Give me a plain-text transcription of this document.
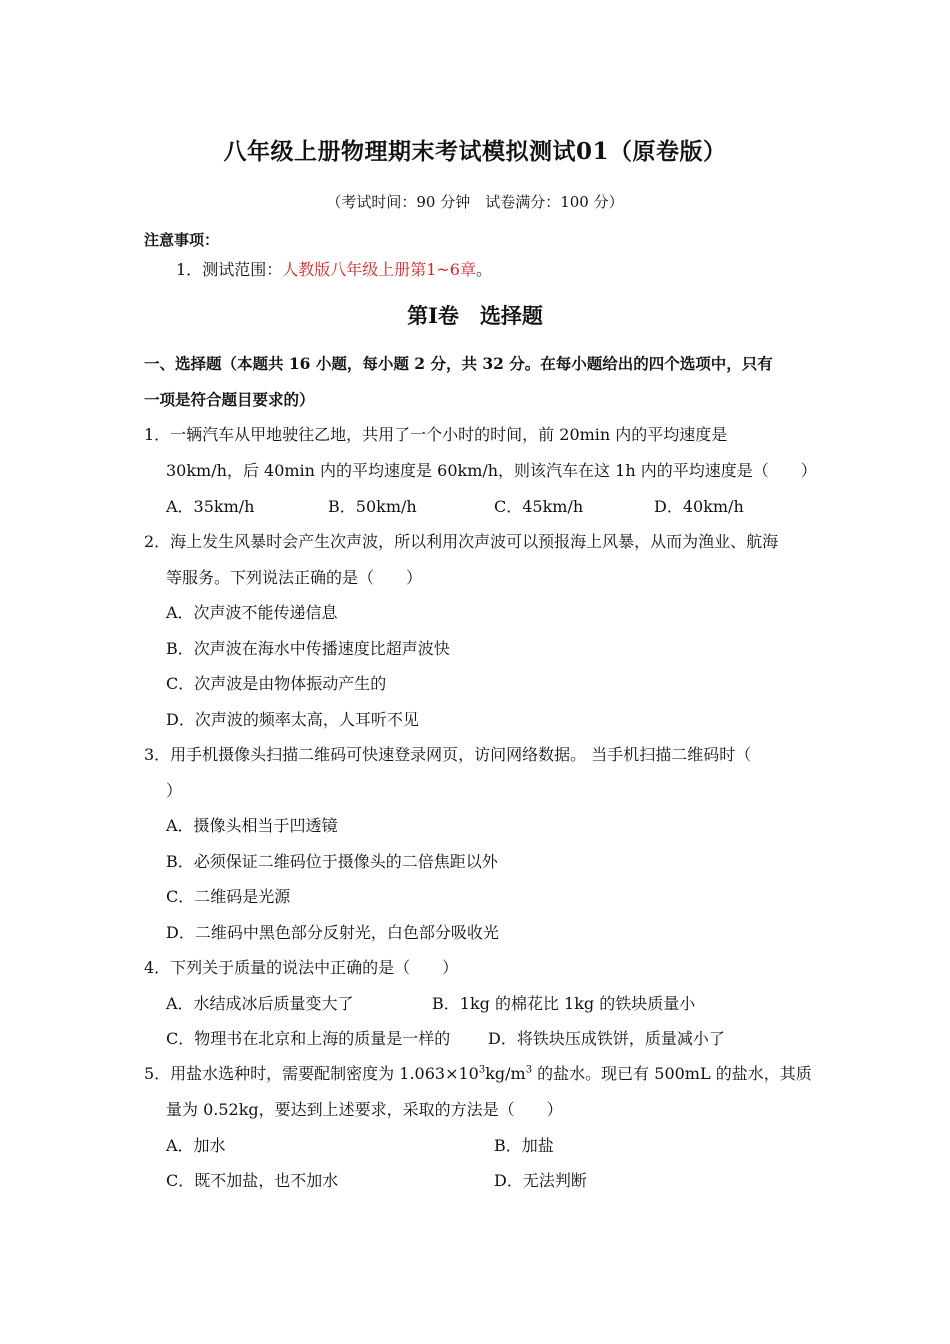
八年级上册物理期末考试模拟测试01（原卷版）
（考试时间：90 分钟　试卷满分：100 分）
注意事项：
1．测试范围：人教版八年级上册第1~6章。
第Ⅰ卷　选择题
一、选择题（本题共 16 小题，每小题 2 分，共 32 分。在每小题给出的四个选项中，只有
一项是符合题目要求的）
1．一辆汽车从甲地驶往乙地，共用了一个小时的时间，前 20min 内的平均速度是
30km/h，后 40min 内的平均速度是 60km/h，则该汽车在这 1h 内的平均速度是（　　）
A．35km/h	B．50km/h	C．45km/h	D．40km/h
2．海上发生风暴时会产生次声波，所以利用次声波可以预报海上风暴，从而为渔业、航海
等服务。下列说法正确的是（　　）
A．次声波不能传递信息
B．次声波在海水中传播速度比超声波快
C．次声波是由物体振动产生的
D．次声波的频率太高，人耳听不见
3．用手机摄像头扫描二维码可快速登录网页，访问网络数据。 当手机扫描二维码时（
）
A．摄像头相当于凹透镜
B．必须保证二维码位于摄像头的二倍焦距以外
C．二维码是光源
D．二维码中黑色部分反射光，白色部分吸收光
4．下列关于质量的说法中正确的是（　　）
A．水结成冰后质量变大了	B．1kg 的棉花比 1kg 的铁块质量小
C．物理书在北京和上海的质量是一样的 D．将铁块压成铁饼，质量减小了
5．用盐水选种时，需要配制密度为 $1.063\times 10^3kg/m^3$ 的盐水。现已有 500mL 的盐水，其质
量为 0.52kg，要达到上述要求，采取的方法是（　　）
A．加水	B．加盐
C．既不加盐，也不加水	D．无法判断
